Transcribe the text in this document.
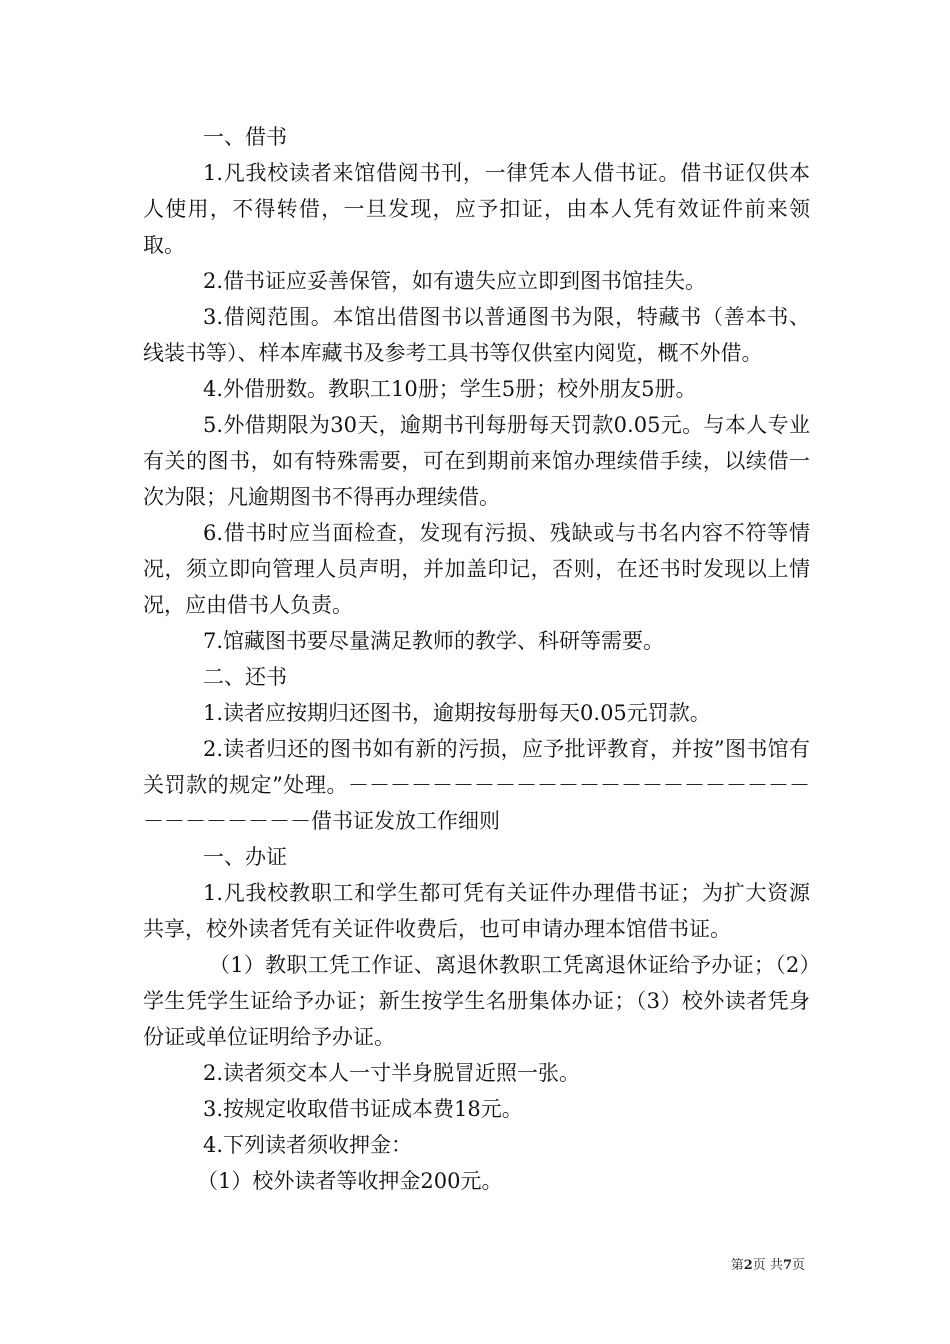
一、借书

1.凡我校读者来馆借阅书刊，一律凭本人借书证。借书证仅供本人使用，不得转借，一旦发现，应予扣证，由本人凭有效证件前来领取。

2.借书证应妥善保管，如有遗失应立即到图书馆挂失。

3.借阅范围。本馆出借图书以普通图书为限，特藏书（善本书、线装书等）、样本库藏书及参考工具书等仅供室内阅览，概不外借。

4.外借册数。教职工10册；学生5册；校外朋友5册。

5.外借期限为30天，逾期书刊每册每天罚款0.05元。与本人专业有关的图书，如有特殊需要，可在到期前来馆办理续借手续，以续借一次为限；凡逾期图书不得再办理续借。

6.借书时应当面检查，发现有污损、残缺或与书名内容不符等情况，须立即向管理人员声明，并加盖印记，否则，在还书时发现以上情况，应由借书人负责。

7.馆藏图书要尽量满足教师的教学、科研等需要。

二、还书

1.读者应按期归还图书，逾期按每册每天0.05元罚款。

2.读者归还的图书如有新的污损，应予批评教育，并按”图书馆有关罚款的规定”处理。－－－－－－－－－－－－－－－－－－－－－－－－－－－－－－借书证发放工作细则

一、办证

1.凡我校教职工和学生都可凭有关证件办理借书证；为扩大资源共享，校外读者凭有关证件收费后，也可申请办理本馆借书证。

（1）教职工凭工作证、离退休教职工凭离退休证给予办证；（2）学生凭学生证给予办证；新生按学生名册集体办证；（3）校外读者凭身份证或单位证明给予办证。

2.读者须交本人一寸半身脱冒近照一张。

3.按规定收取借书证成本费18元。

4.下列读者须收押金：

（1）校外读者等收押金200元。

第2页 共7页
